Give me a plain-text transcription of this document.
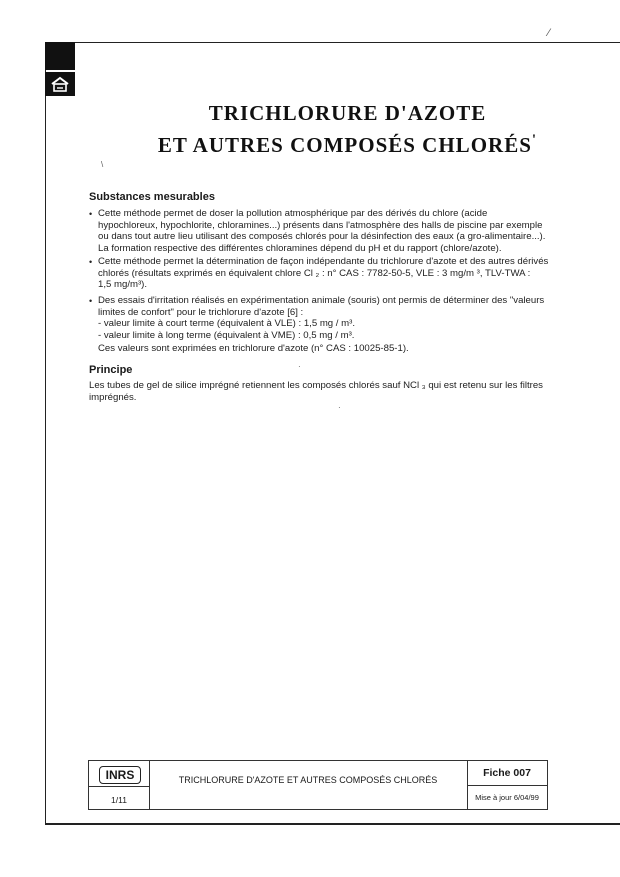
⁄
TRICHLORURE D'AZOTE
ET AUTRES COMPOSÉS CHLORÉS'
\
Substances mesurables
• Cette méthode permet de doser la pollution atmosphérique par des dérivés du chlore (acide
hypochloreux, hypochlorite, chloramines...) présents dans l'atmosphère des halls de piscine par exemple
ou dans tout autre lieu utilisant des composés chlorés pour la désinfection des eaux (a gro-alimentaire...).
La formation respective des différentes chloramines dépend du pH et du rapport (chlore/azote).
• Cette méthode permet la détermination de façon indépendante du trichlorure d'azote et des autres dérivés
chlorés (résultats exprimés en équivalent chlore Cl ₂ : n° CAS : 7782-50-5, VLE : 3 mg/m ³, TLV-TWA :
1,5 mg/m³).
• Des essais d'irritation réalisés en expérimentation animale (souris) ont permis de déterminer des "valeurs
limites de confort" pour le trichlorure d'azote [6] :
- valeur limite à court terme (équivalent à VLE) : 1,5 mg / m³.
- valeur limite à long terme (équivalent à VME) : 0,5 mg / m³.
Ces valeurs sont exprimées en trichlorure d'azote (n° CAS : 10025-85-1).
Principe
Les tubes de gel de silice imprégné retiennent les composés chlorés sauf NCl ₃ qui est retenu sur les filtres
imprégnés.
·
·
INRS
1/11
TRICHLORURE D'AZOTE ET AUTRES COMPOSÉS CHLORÉS
Fiche 007
Mise à jour 6/04/99
